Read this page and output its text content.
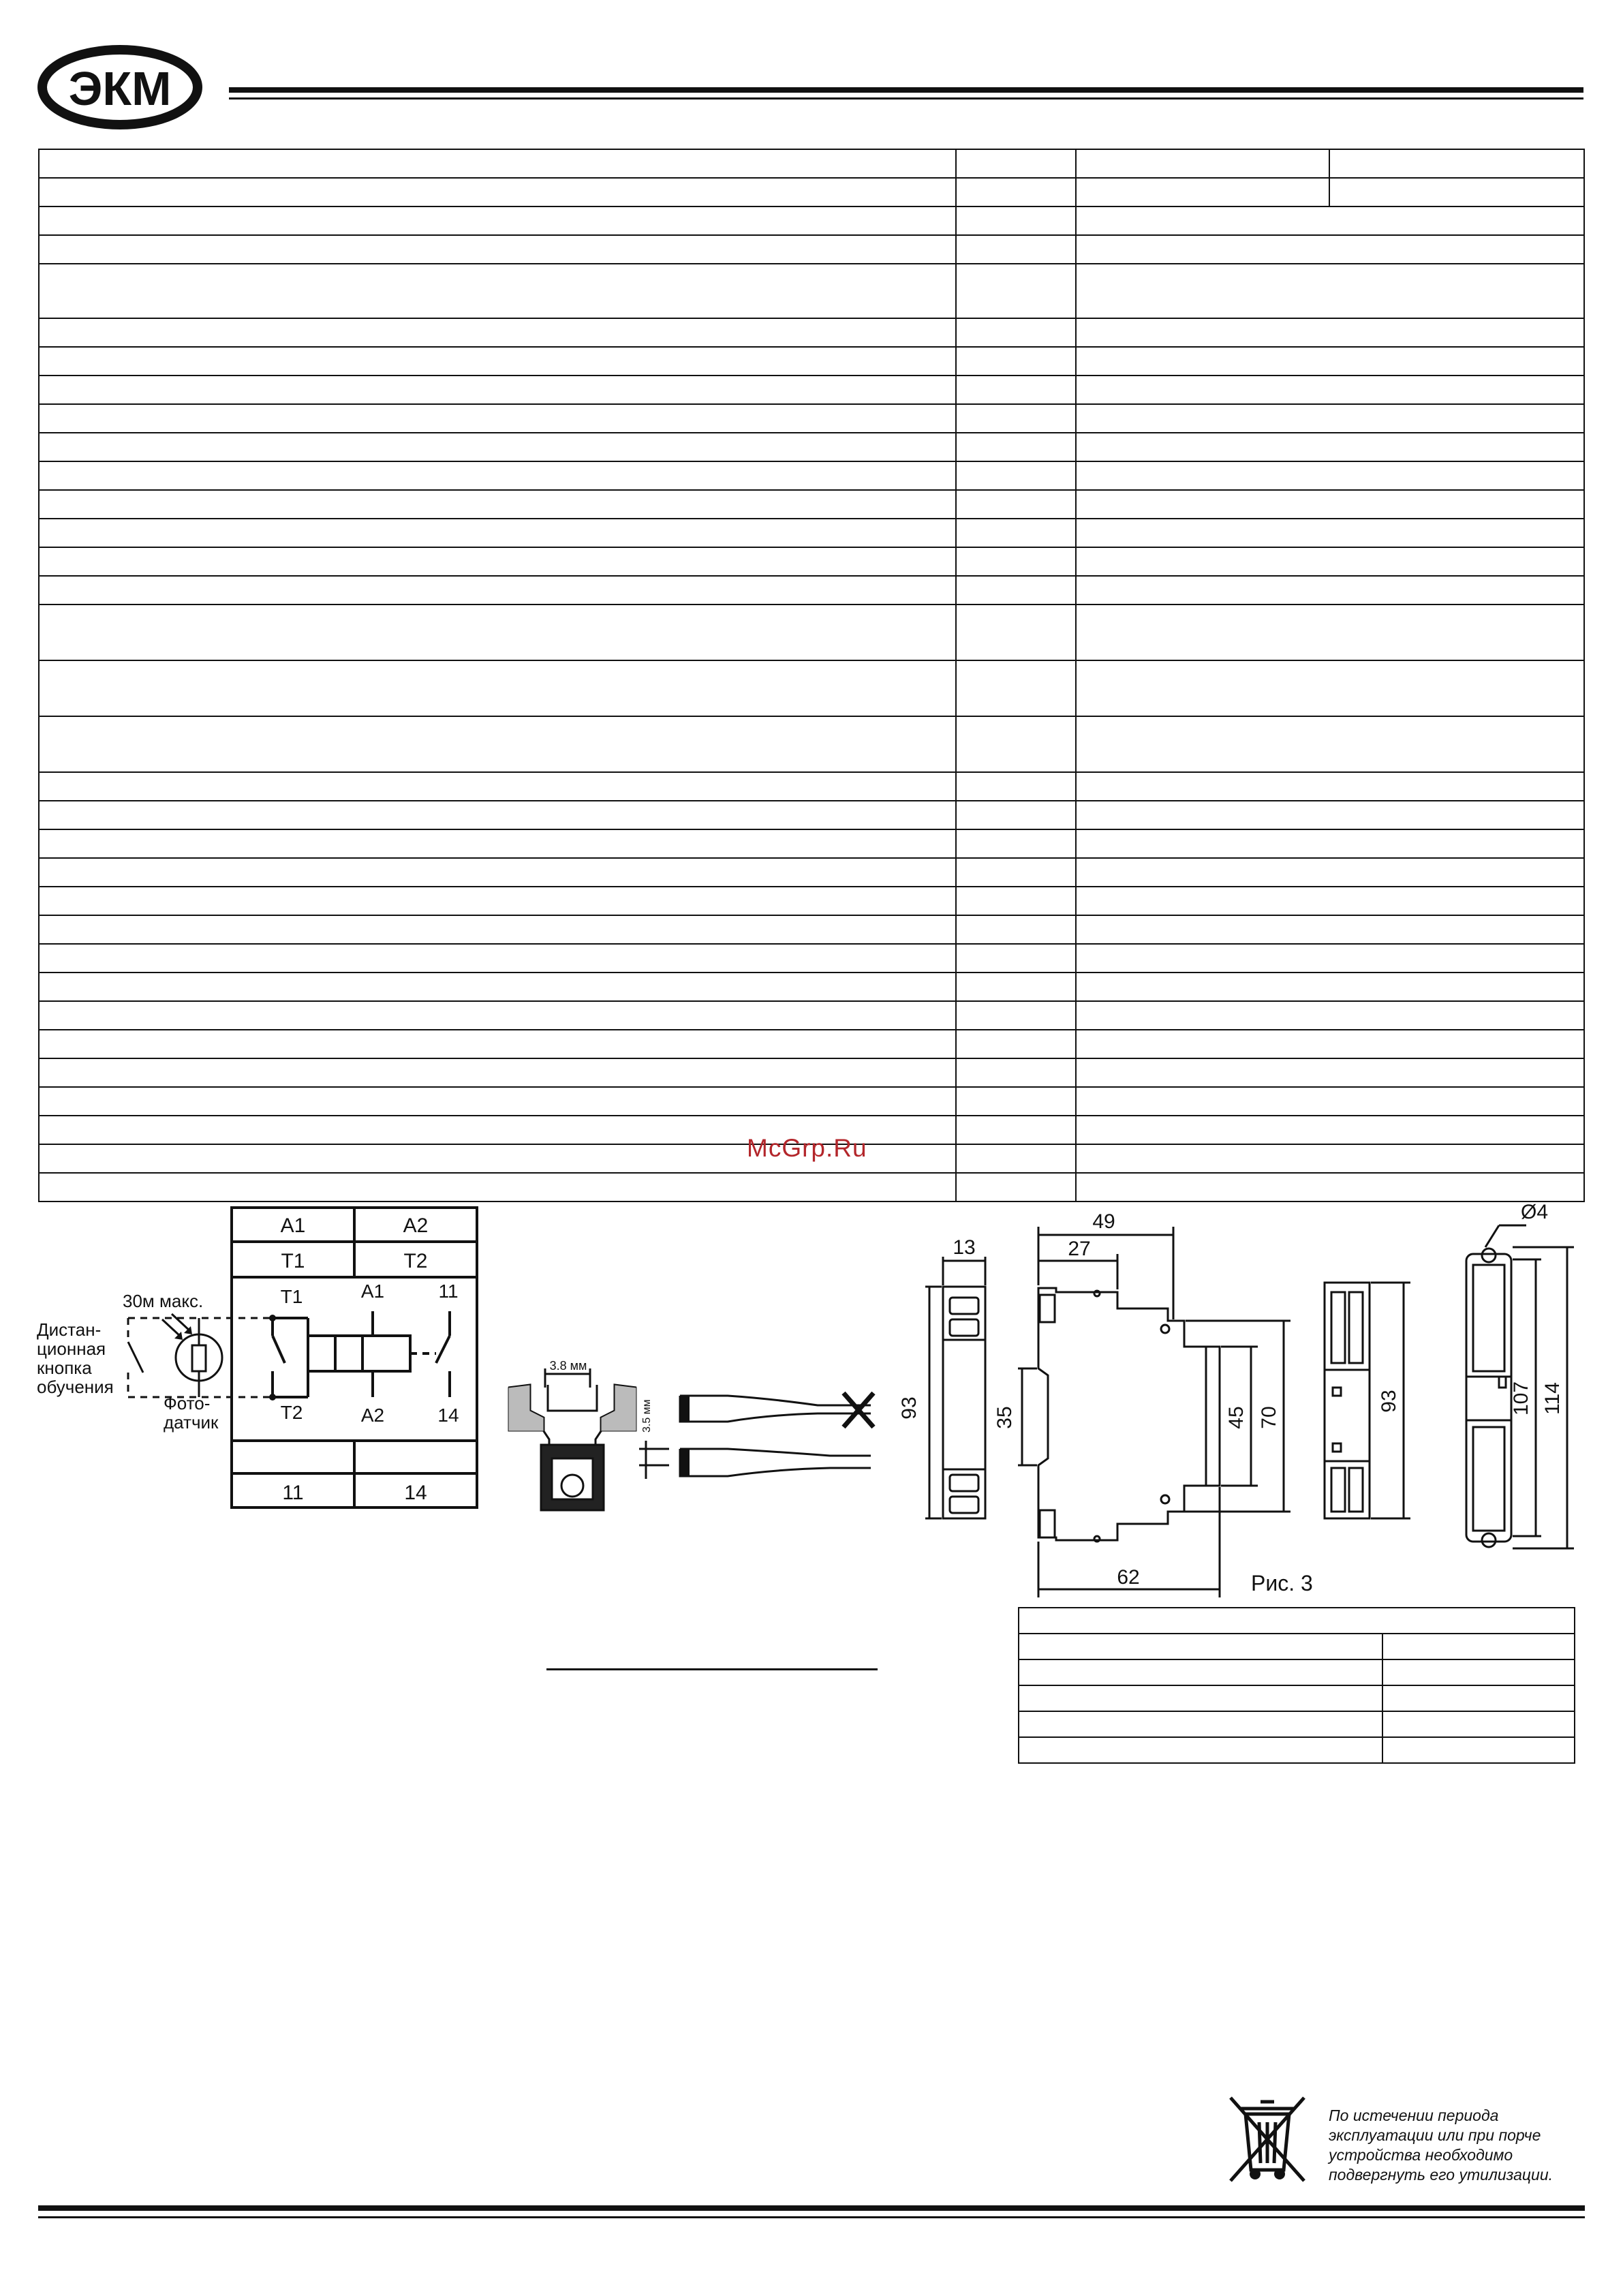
ЭКМ

McGrp.Ru
A1	A2
T1	T2
11	14
T1
T2
A1
A2
11
14
30м макс.
Дистан-
ционная
кнопка
обучения
Фото-
датчик
3.8 мм
3.5 мм
13
93
49
27
62
35	45 70
93
Ø4
107 114
Рис. 3

По истечении периода
эксплуатации или при порче
устройства необходимо
подвергнуть его утилизации.
